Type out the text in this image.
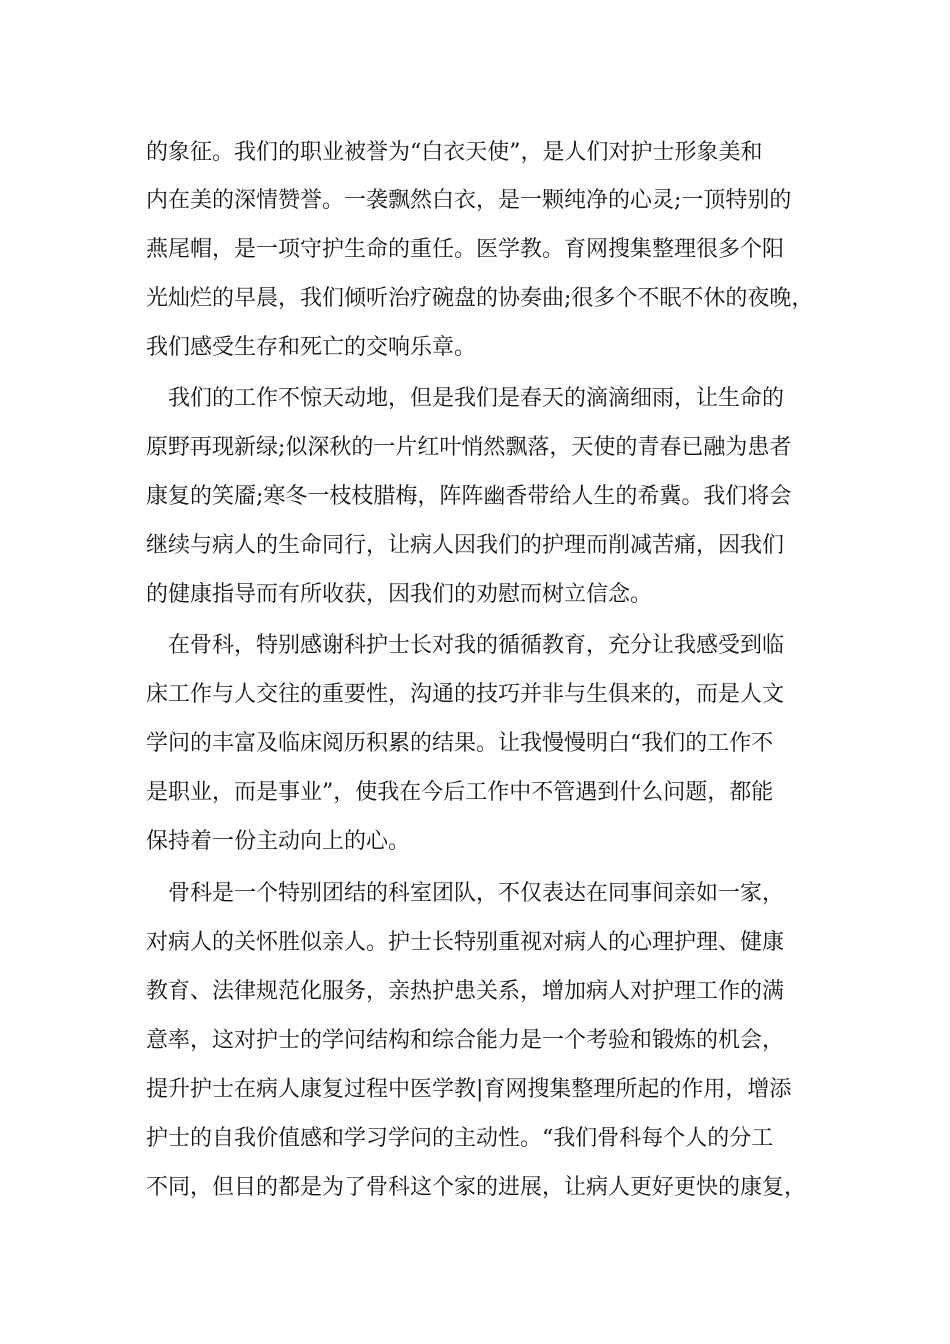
的象征。我们的职业被誉为“白衣天使”，是人们对护士形象美和
内在美的深情赞誉。一袭飘然白衣，是一颗纯净的心灵;一顶特别的
燕尾帽，是一项守护生命的重任。医学教。育网搜集整理很多个阳
光灿烂的早晨，我们倾听治疗碗盘的协奏曲;很多个不眠不休的夜晚，
我们感受生存和死亡的交响乐章。
我们的工作不惊天动地，但是我们是春天的滴滴细雨，让生命的
原野再现新绿;似深秋的一片红叶悄然飘落，天使的青春已融为患者
康复的笑靥;寒冬一枝枝腊梅，阵阵幽香带给人生的希冀。我们将会
继续与病人的生命同行，让病人因我们的护理而削减苦痛，因我们
的健康指导而有所收获，因我们的劝慰而树立信念。
在骨科，特别感谢科护士长对我的循循教育，充分让我感受到临
床工作与人交往的重要性，沟通的技巧并非与生俱来的，而是人文
学问的丰富及临床阅历积累的结果。让我慢慢明白“我们的工作不
是职业，而是事业”，使我在今后工作中不管遇到什么问题，都能
保持着一份主动向上的心。
骨科是一个特别团结的科室团队，不仅表达在同事间亲如一家，
对病人的关怀胜似亲人。护士长特别重视对病人的心理护理、健康
教育、法律规范化服务，亲热护患关系，增加病人对护理工作的满
意率，这对护士的学问结构和综合能力是一个考验和锻炼的机会，
提升护士在病人康复过程中医学教|育网搜集整理所起的作用，增添
护士的自我价值感和学习学问的主动性。“我们骨科每个人的分工
不同，但目的都是为了骨科这个家的进展，让病人更好更快的康复，
